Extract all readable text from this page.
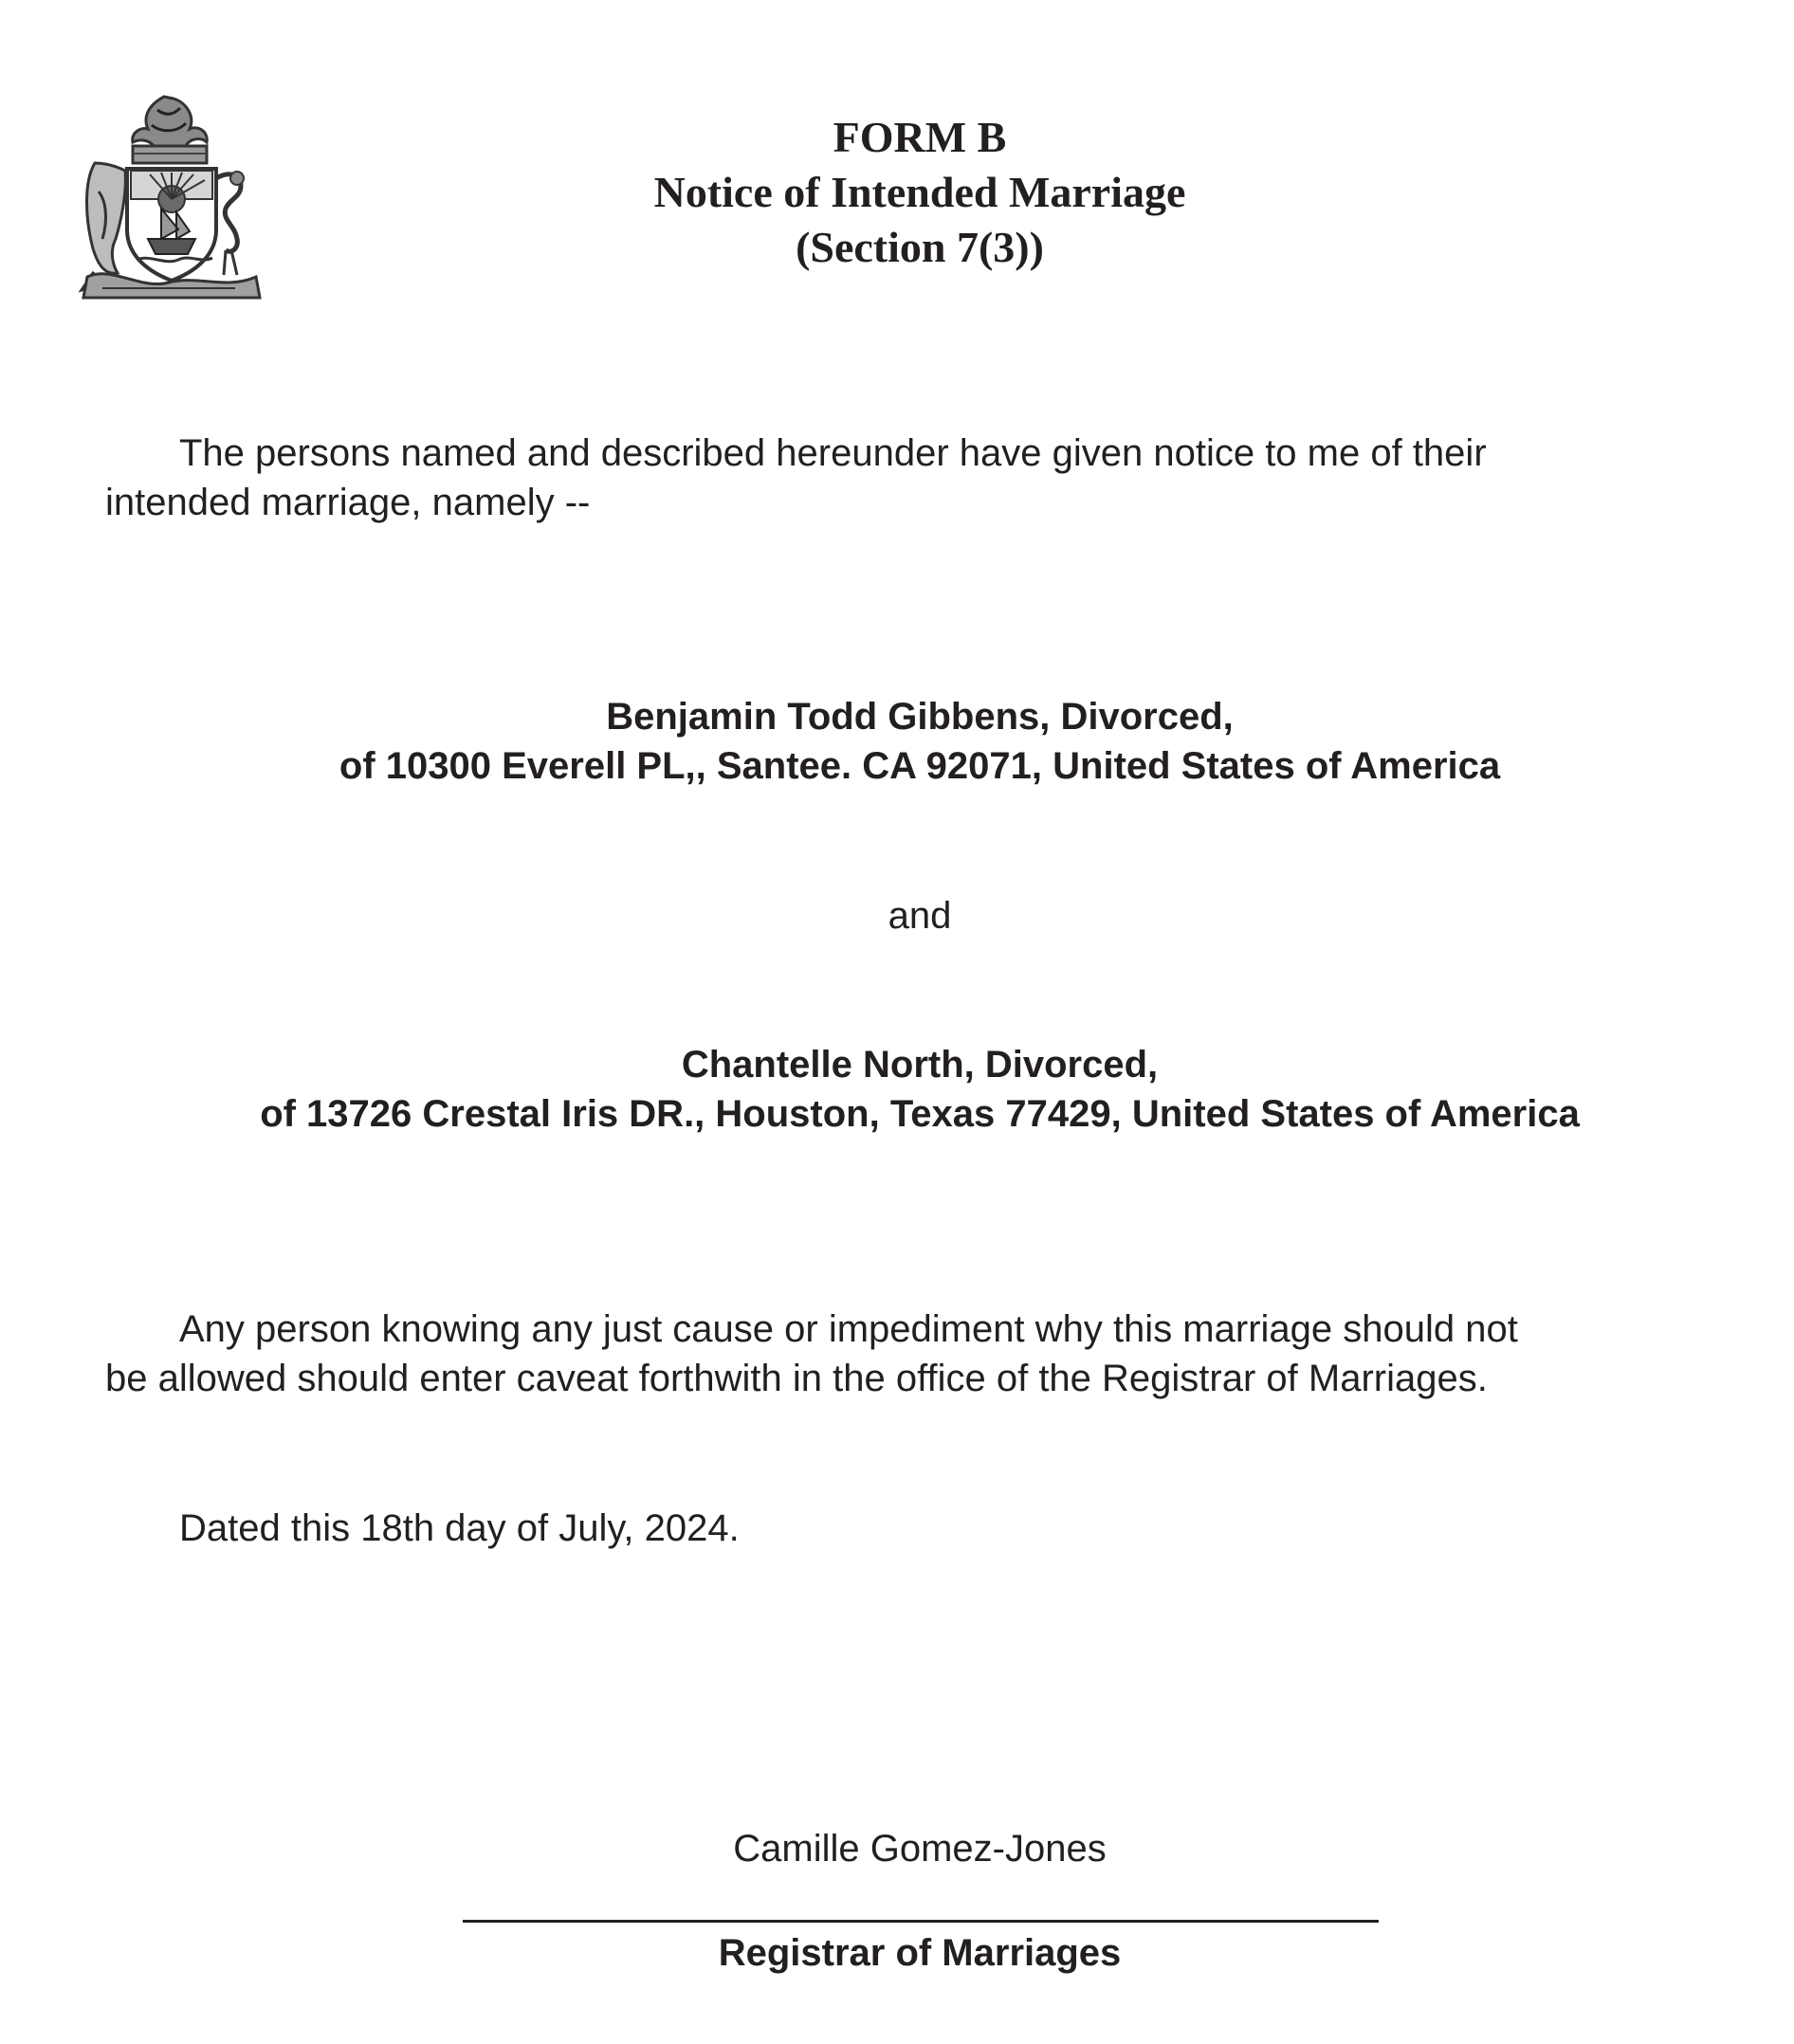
FORM B
Notice of Intended Marriage
(Section 7(3))
The persons named and described hereunder have given notice to me of their
intended marriage, namely --
Benjamin Todd Gibbens, Divorced,
of 10300 Everell PL,, Santee. CA 92071, United States of America
and
Chantelle North, Divorced,
of 13726 Crestal Iris DR., Houston, Texas 77429, United States of America
Any person knowing any just cause or impediment why this marriage should not
be allowed should enter caveat forthwith in the office of the Registrar of Marriages.
Dated this 18th day of July, 2024.
Camille Gomez-Jones
Registrar of Marriages
